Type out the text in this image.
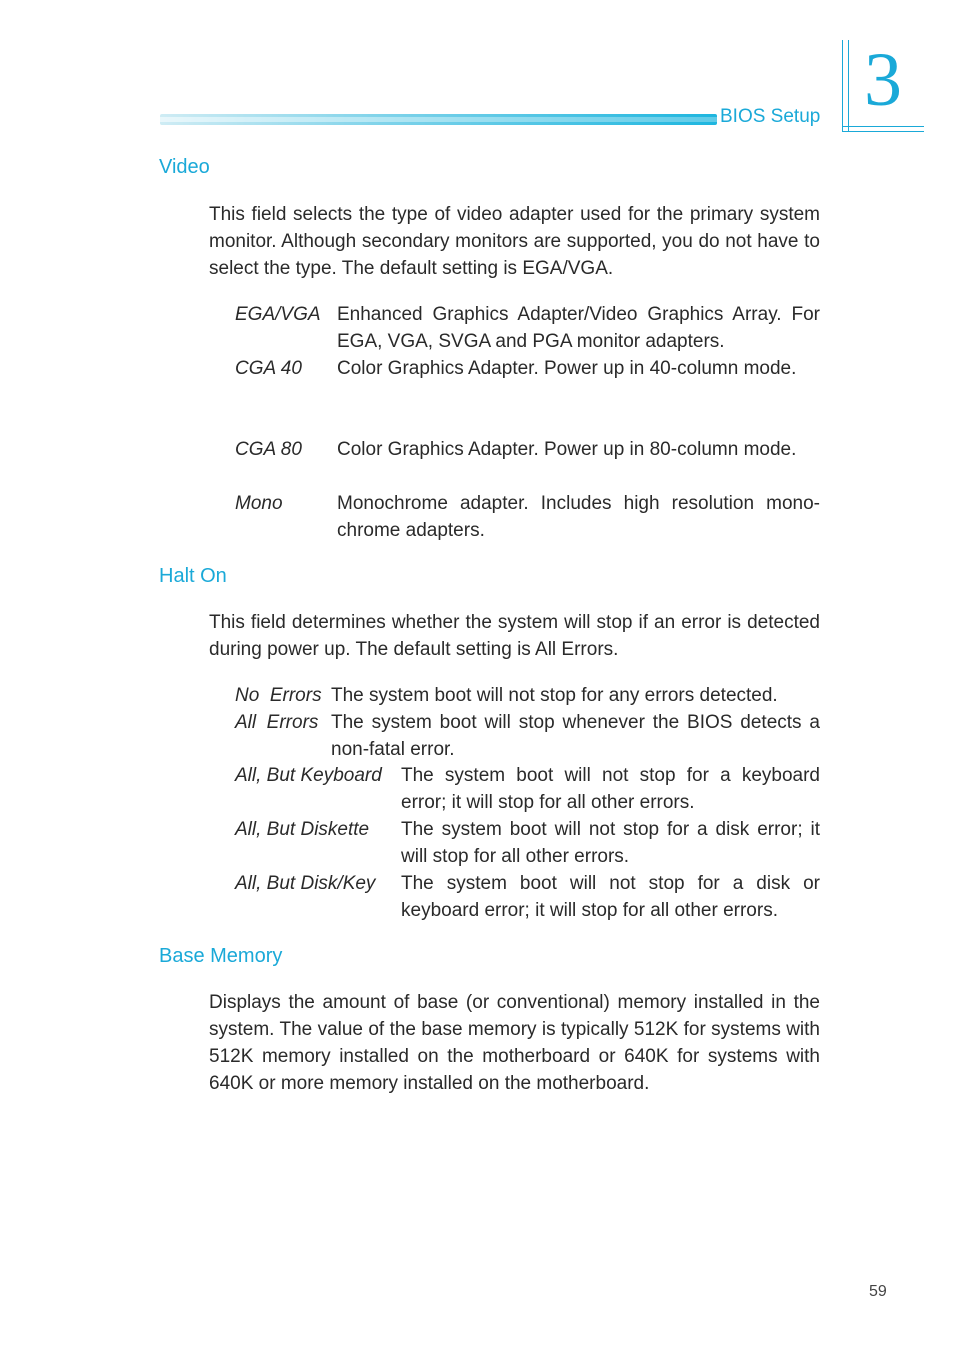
BIOS Setup 3
Video
This field selects the type of video adapter used for the primary system monitor. Although secondary monitors are supported, you do not have to select the type. The default setting is EGA/VGA.
EGA/VGA Enhanced Graphics Adapter/Video Graphics Array. For EGA, VGA, SVGA and PGA monitor adapters.
CGA 40 Color Graphics Adapter. Power up in 40-column mode.
CGA 80 Color Graphics Adapter. Power up in 80-column mode.
Mono	Monochrome adapter. Includes high resolution mono-chrome adapters.
Halt On
This field determines whether the system will stop if an error is detected during power up. The default setting is All Errors.
No  Errors The system boot will not stop for any errors detected.
All  Errors The system boot will stop whenever the BIOS detects a non-fatal error.
All, But Keyboard The system boot will not stop for a keyboard error; it will stop for all other errors.
All, But Diskette The system boot will not stop for a disk error; it will stop for all other errors.
All, But Disk/Key The system boot will not stop for a disk or keyboard error; it will stop for all other errors.
Base Memory
Displays the amount of base (or conventional) memory installed in the system. The value of the base memory is typically 512K for systems with 512K memory installed on the motherboard or 640K for systems with 640K or more memory installed on the motherboard.
59
